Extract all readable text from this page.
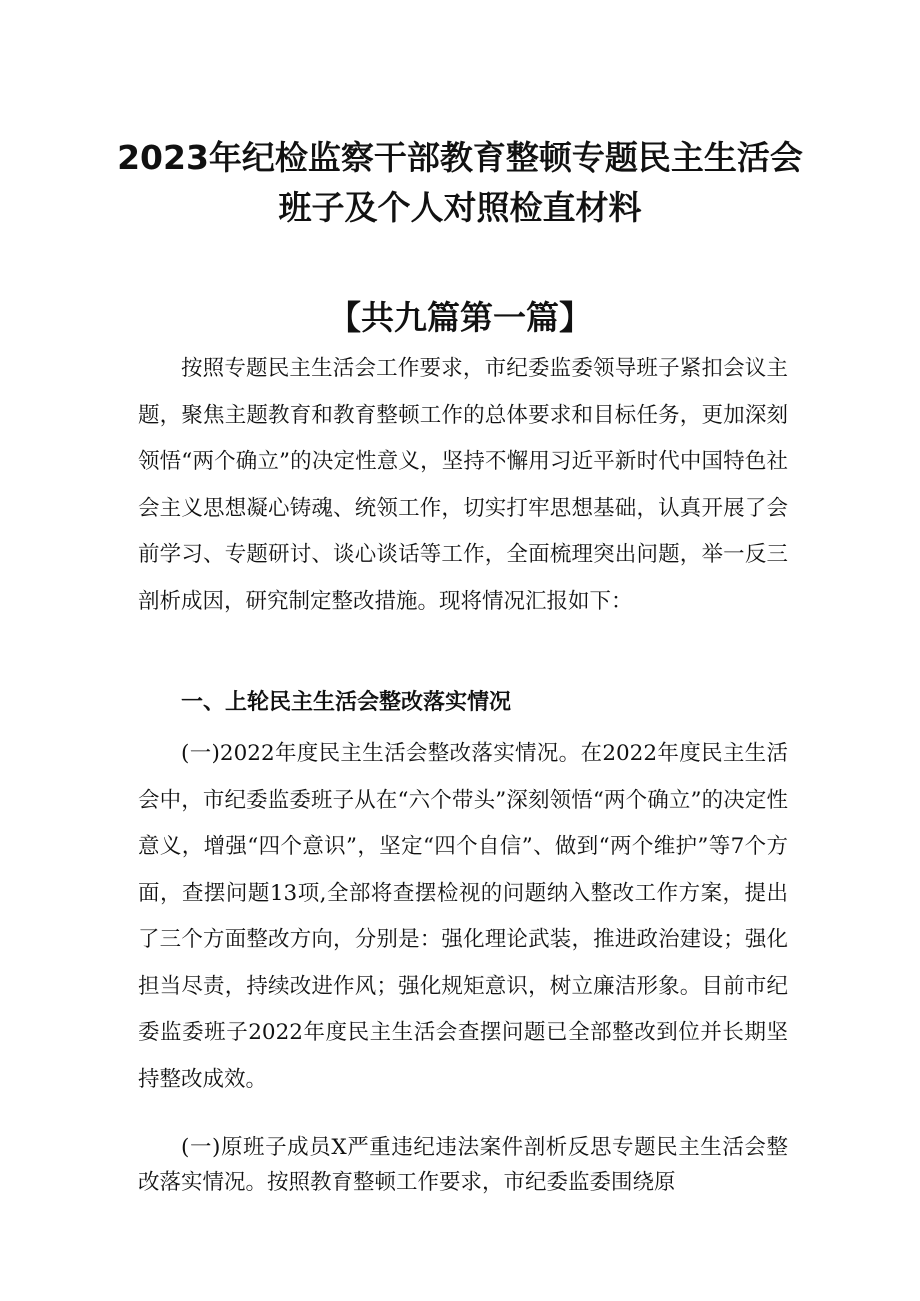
2023年纪检监察干部教育整顿专题民主生活会
班子及个人对照检直材料
【共九篇第一篇】

按照专题民主生活会工作要求，市纪委监委领导班子紧扣会议主题，聚焦主题教育和教育整顿工作的总体要求和目标任务，更加深刻领悟“两个确立”的决定性意义，坚持不懈用习近平新时代中国特色社会主义思想凝心铸魂、统领工作，切实打牢思想基础，认真开展了会前学习、专题研讨、谈心谈话等工作，全面梳理突出问题，举一反三剖析成因，研究制定整改措施。现将情况汇报如下：

一、上轮民主生活会整改落实情况

(一)2022年度民主生活会整改落实情况。在2022年度民主生活会中，市纪委监委班子从在“六个带头”深刻领悟“两个确立”的决定性意义，增强“四个意识”，坚定“四个自信”、做到“两个维护”等7个方面，查摆问题13项,全部将查摆检视的问题纳入整改工作方案，提出了三个方面整改方向，分别是：强化理论武装，推进政治建设；强化担当尽责，持续改进作风；强化规矩意识，树立廉洁形象。目前市纪委监委班子2022年度民主生活会查摆问题已全部整改到位并长期坚持整改成效。

(一)原班子成员X严重违纪违法案件剖析反思专题民主生活会整改落实情况。按照教育整顿工作要求，市纪委监委围绕原
